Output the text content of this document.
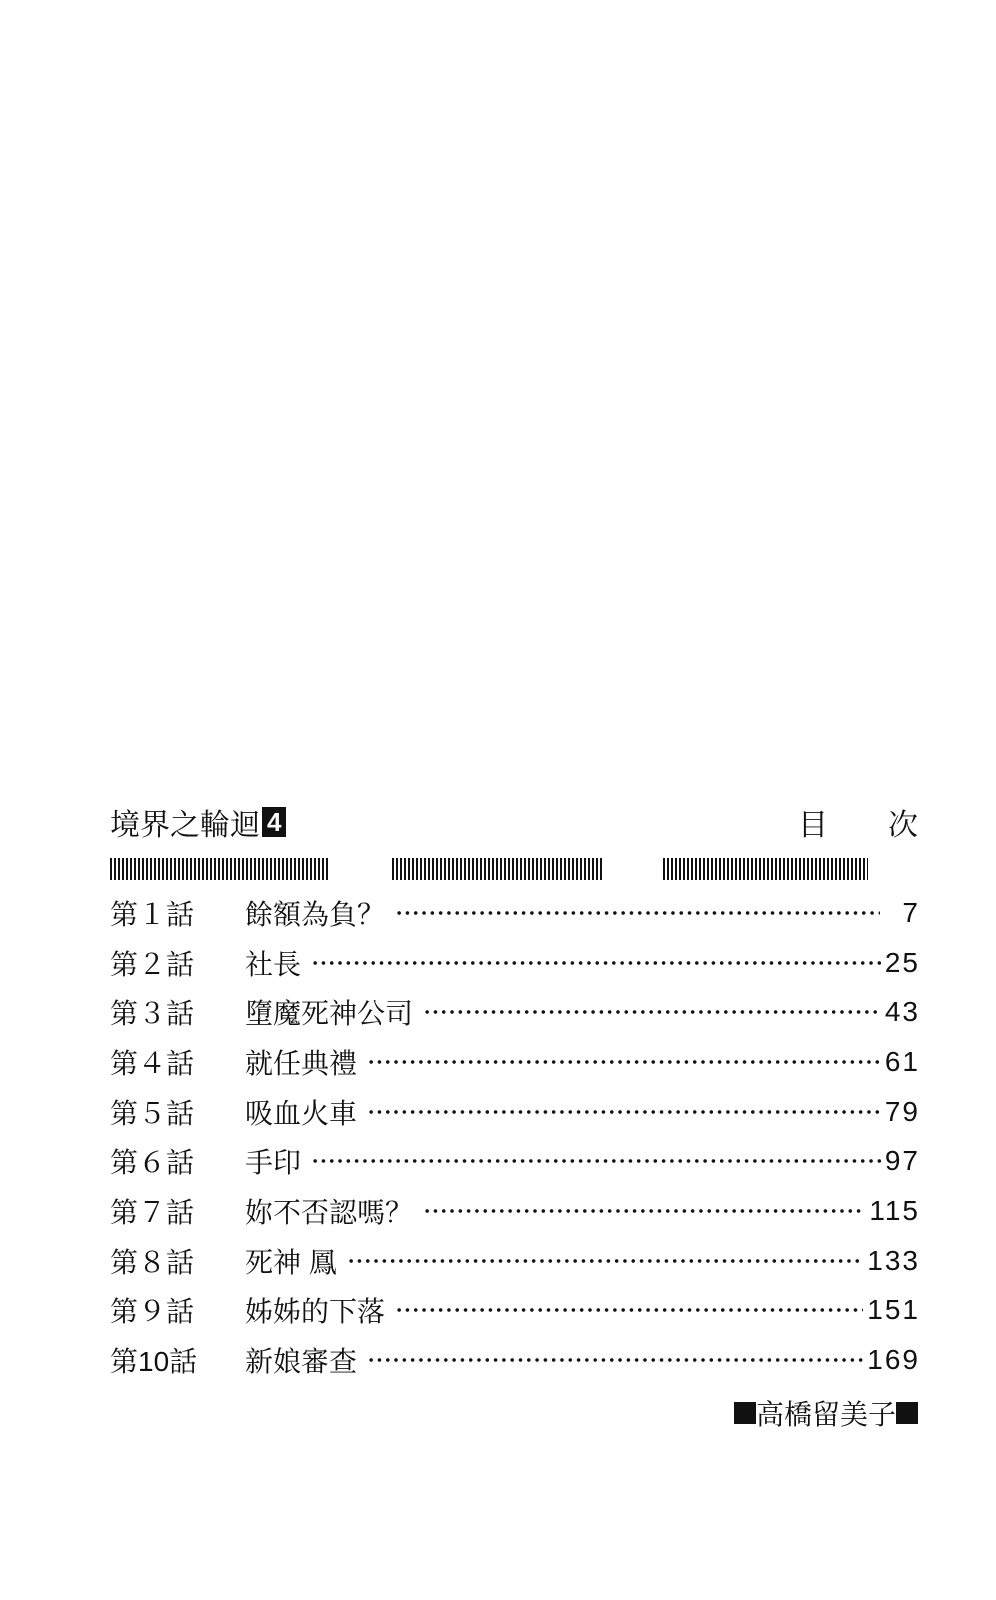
境界之輪迴 4	目次
第１話	餘額為負？	7
第２話	社長	25
第３話	墮魔死神公司	43
第４話	就任典禮	61
第５話	吸血火車	79
第６話	手印	97
第７話	妳不否認嗎？	115
第８話	死神 鳳	133
第９話	姊姊的下落	151
第10話	新娘審查	169
高橋留美子
